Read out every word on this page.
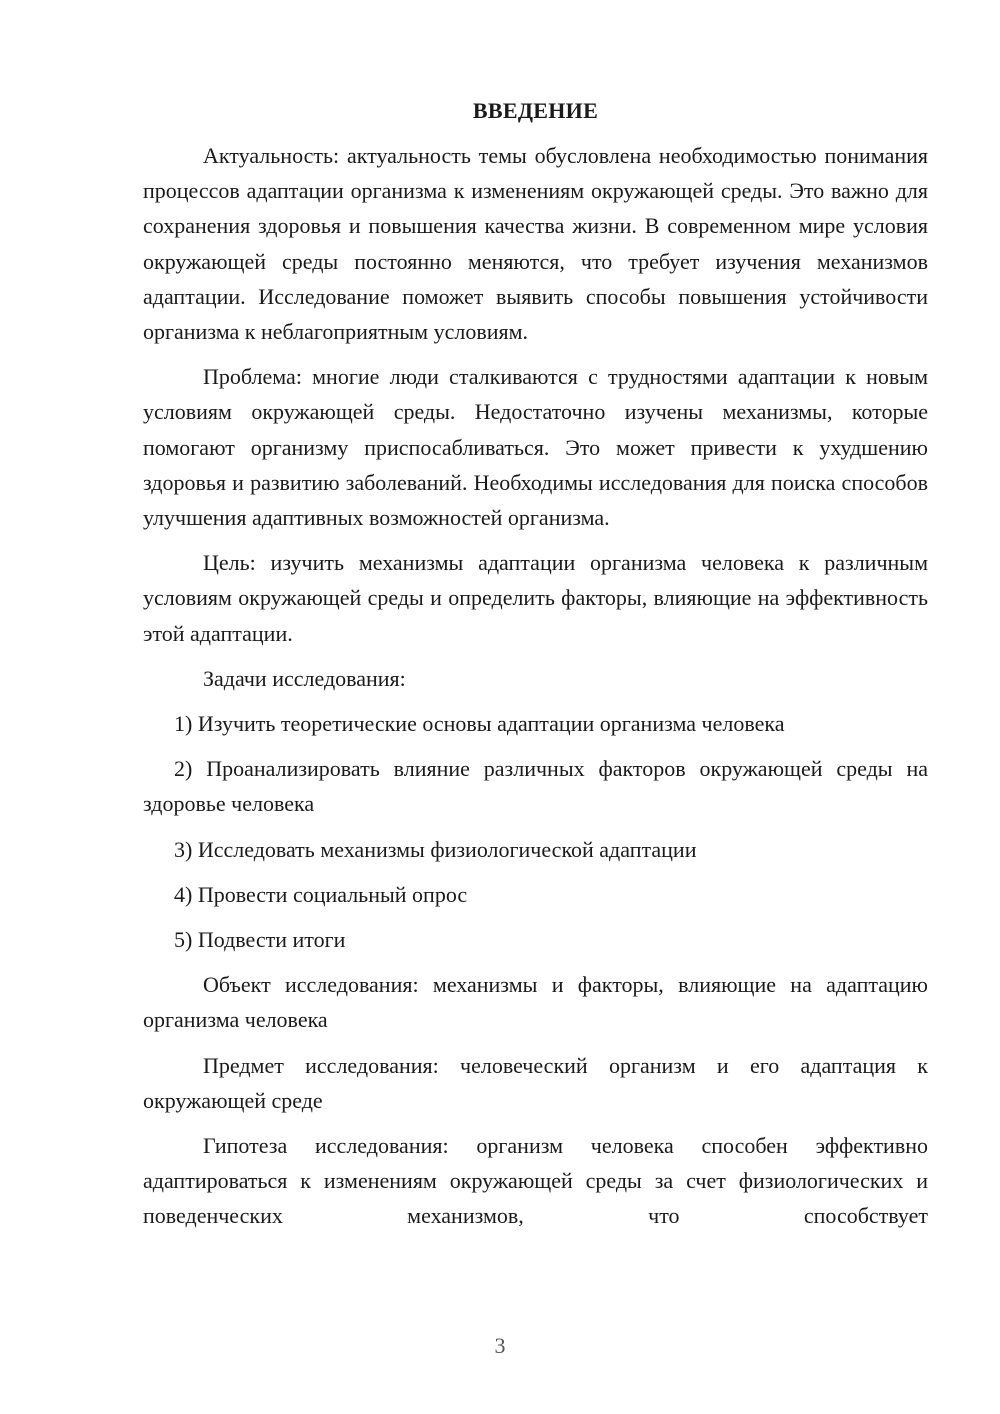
ВВЕДЕНИЕ

Актуальность: актуальность темы обусловлена необходимостью понимания процессов адаптации организма к изменениям окружающей среды. Это важно для сохранения здоровья и повышения качества жизни. В современном мире условия окружающей среды постоянно меняются, что требует изучения механизмов адаптации. Исследование поможет выявить способы повышения устойчивости организма к неблагоприятным условиям.

Проблема: многие люди сталкиваются с трудностями адаптации к новым условиям окружающей среды. Недостаточно изучены механизмы, которые помогают организму приспосабливаться. Это может привести к ухудшению здоровья и развитию заболеваний. Необходимы исследования для поиска способов улучшения адаптивных возможностей организма.

Цель: изучить механизмы адаптации организма человека к различным условиям окружающей среды и определить факторы, влияющие на эффективность этой адаптации.

Задачи исследования:

1) Изучить теоретические основы адаптации организма человека

2) Проанализировать влияние различных факторов окружающей среды на здоровье человека

3) Исследовать механизмы физиологической адаптации

4) Провести социальный опрос

5) Подвести итоги

Объект исследования: механизмы и факторы, влияющие на адаптацию организма человека

Предмет исследования: человеческий организм и его адаптация к окружающей среде

Гипотеза исследования: организм человека способен эффективно адаптироваться к изменениям окружающей среды за счет физиологических и поведенческих механизмов, что способствует

3
